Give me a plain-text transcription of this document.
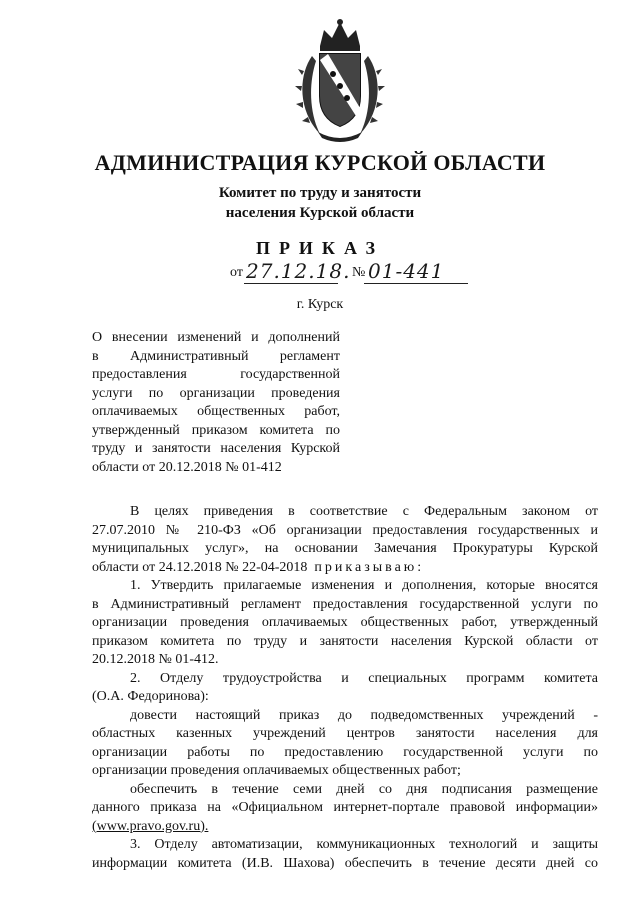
АДМИНИСТРАЦИЯ КУРСКОЙ ОБЛАСТИ
Комитет по труду и занятости
населения Курской области
ПРИКАЗ
от 27.12.18. № 01-441
г. Курск
О внесении изменений и дополнений
в Административный регламент
предоставления государственной
услуги по организации проведения
оплачиваемых общественных работ,
утвержденный приказом комитета по
труду и занятости населения Курской
области от 20.12.2018 № 01-412
В целях приведения в соответствие с Федеральным законом от
27.07.2010 № 210-ФЗ «Об организации предоставления государственных и
муниципальных услуг», на основании Замечания Прокуратуры Курской
области от 24.12.2018 № 22-04-2018 приказываю:
1. Утвердить прилагаемые изменения и дополнения, которые вносятся
в Административный регламент предоставления государственной услуги по
организации проведения оплачиваемых общественных работ, утвержденный
приказом комитета по труду и занятости населения Курской области от
20.12.2018 № 01-412.
2. Отделу трудоустройства и специальных программ комитета
(О.А. Федоринова):
довести настоящий приказ до подведомственных учреждений -
областных казенных учреждений центров занятости населения для
организации работы по предоставлению государственной услуги по
организации проведения оплачиваемых общественных работ;
обеспечить в течение семи дней со дня подписания размещение
данного приказа на «Официальном интернет-портале правовой информации»
(www.pravo.gov.ru).
3. Отделу автоматизации, коммуникационных технологий и защиты
информации комитета (И.В. Шахова) обеспечить в течение десяти дней со
